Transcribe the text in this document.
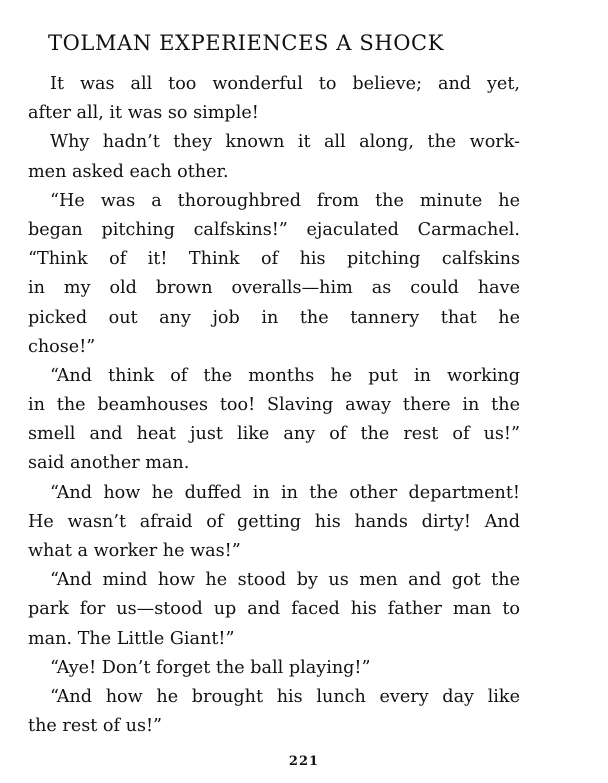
TOLMAN EXPERIENCES A SHOCK
It was all too wonderful to believe; and yet,
after all, it was so simple!
Why hadn’t they known it all along, the work-
men asked each other.
“He was a thoroughbred from the minute he
began pitching calfskins!” ejaculated Carmachel.
“Think of it! Think of his pitching calfskins
in my old brown overalls—him as could have
picked out any job in the tannery that he
chose!”
“And think of the months he put in working
in the beamhouses too! Slaving away there in the
smell and heat just like any of the rest of us!”
said another man.
“And how he duffed in in the other department!
He wasn’t afraid of getting his hands dirty! And
what a worker he was!”
“And mind how he stood by us men and got the
park for us—stood up and faced his father man to
man. The Little Giant!”
“Aye! Don’t forget the ball playing!”
“And how he brought his lunch every day like
the rest of us!”
221
